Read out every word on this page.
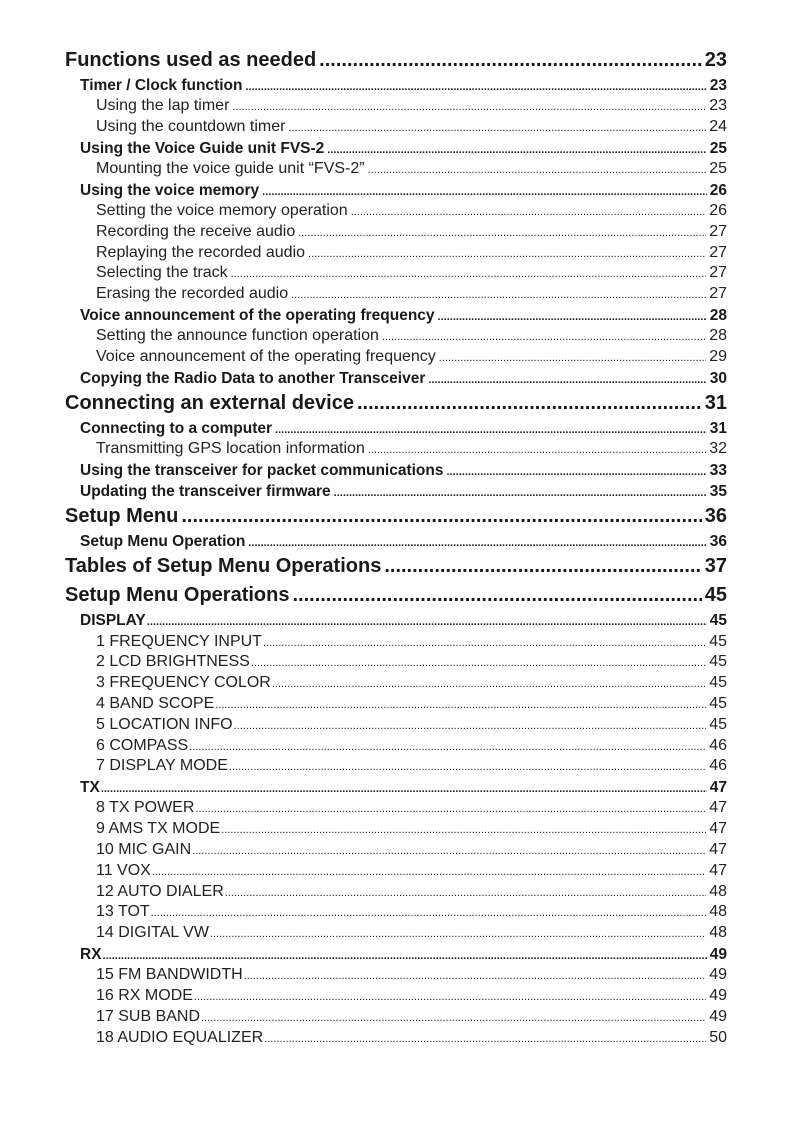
Functions used as needed .....	23
Timer / Clock function .....	23
Using the lap timer .....	23
Using the countdown timer .....	24
Using the Voice Guide unit FVS-2 .....	25
Mounting the voice guide unit “FVS-2” .....	25
Using the voice memory .....	26
Setting the voice memory operation .....	26
Recording the receive audio .....	27
Replaying the recorded audio .....	27
Selecting the track .....	27
Erasing the recorded audio .....	27
Voice announcement of the operating frequency .....	28
Setting the announce function operation .....	28
Voice announcement of the operating frequency .....	29
Copying the Radio Data to another Transceiver .....	30
Connecting an external device .....	31
Connecting to a computer .....	31
Transmitting GPS location information .....	32
Using the transceiver for packet communications .....	33
Updating the transceiver firmware .....	35
Setup Menu .....	36
Setup Menu Operation .....	36
Tables of Setup Menu Operations .....	37
Setup Menu Operations .....	45
DISPLAY .....	45
1 FREQUENCY INPUT .....	45
2 LCD BRIGHTNESS .....	45
3 FREQUENCY COLOR .....	45
4 BAND SCOPE .....	45
5 LOCATION INFO .....	45
6 COMPASS .....	46
7 DISPLAY MODE .....	46
TX .....	47
8 TX POWER .....	47
9 AMS TX MODE .....	47
10 MIC GAIN .....	47
11 VOX .....	47
12 AUTO DIALER .....	48
13 TOT .....	48
14 DIGITAL VW .....	48
RX .....	49
15 FM BANDWIDTH .....	49
16 RX MODE .....	49
17 SUB BAND .....	49
18 AUDIO EQUALIZER .....	50
